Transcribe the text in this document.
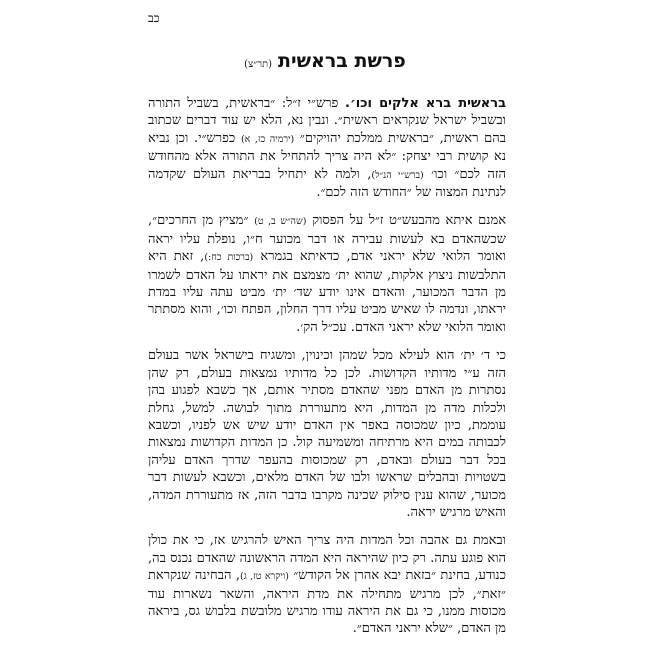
כב
פרשת בראשית(תר״צ)

בראשית ברא אלקים וכו׳. פרש״י ז״ל: ״בראשית, בשביל התורה ובשביל ישראל שנקראים ראשית״. ונבין נא, הלא יש עוד דברים שכתוב בהם ראשית, ״בראשית ממלכת יהויקים״ (ירמיה כז, א) כפרש״י. וכן נביא נא קושית רבי יצחק: ״לא היה צריך להתחיל את התורה אלא מהחודש הזה לכם״ וכו׳ (ברש״י הנ״ל), ולמה לא יתחיל בבריאת העולם שקדמה לנתינת המצוה של ״החודש הזה לכם״.

אמנם איתא מהבעש״ט ז״ל על הפסוק (שה״ש ב, ט) ״מציץ מן החרכים״, שכשהאדם בא לעשות עבירה או דבר מכוער ח״ו, נופלת עליו יראה ואומר הלואי שלא יראני אדם, כדאיתא בגמרא (ברכות כח:), זאת היא התלבשות ניצוץ אלקות, שהוא ית׳ מצמצם את יראתו על האדם לשמרו מן הדבר המכוער, והאדם אינו יודע שד׳ ית׳ מביט עתה עליו במדת יראתו, ונדמה לו שאיש מביט עליו דרך החלון, הפתח וכו׳, והוא מסתתר ואומר הלואי שלא יראני האדם. עכ״ל הק׳.

כי ד׳ ית׳ הוא לעילא מכל שמהן וכינוין, ומשגיח בישראל אשר בעולם הזה ע״י מדותיו הקדושות. לכן כל מדותיו נמצאות בעולם, רק שהן נסתרות מן האדם מפני שהאדם מסתיר אותם, אך כשבא לפגוע בהן ולכלות מדה מן המדות, היא מתעוררת מתוך לבושה. למשל, גחלת עוממת, כיון שמכוסה באפר אין האדם יודע שיש אש לפניו, וכשבא לכבותה במים היא מרתיחה ומשמיעה קול. כן המדות הקדושות נמצאות בכל דבר בעולם ובאדם, רק שמכוסות בהעפר שדרך האדם עליהן בשטויות ובהבלים שראשו ולבו של האדם מלאים, וכשבא לעשות דבר מכוער, שהוא ענין סילוק שכינה מקרבו בדבר הזה, אז מתעוררת המדה, והאיש מרגיש יראה.

ובאמת גם אהבה וכל המדות היה צריך האיש להרגיש אז, כי את כולן הוא פוגע עתה. רק כיון שהיראה היא המדה הראשונה שהאדם נכנס בה, כנודע, בחינת ״בזאת יבא אהרן אל הקודש״ (ויקרא טז, ג), הבחינה שנקראת ״זאת״, לכן מרגיש מתחילה את מדת היראה, והשאר נשארות עוד מכוסות ממנו, כי גם את היראה עודו מרגיש מלובשת בלבוש גס, ביראה מן האדם, ״שלא יראני האדם״.
